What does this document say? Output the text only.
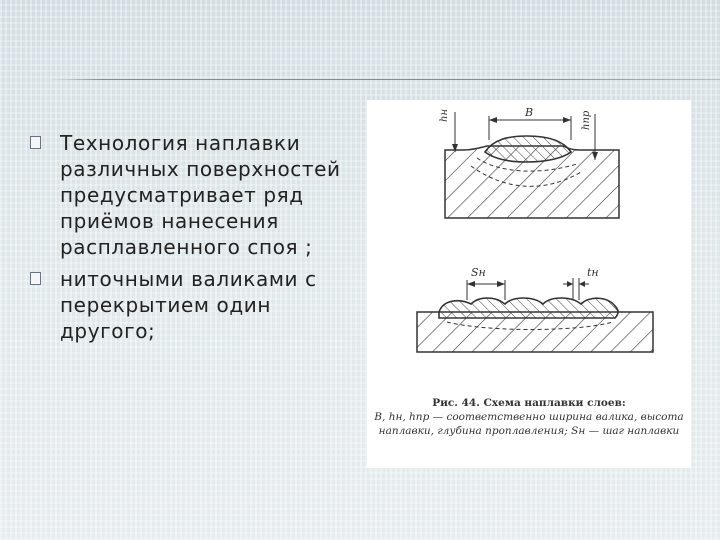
Технология наплавки различных поверхностей предусматривает ряд приёмов нанесения расплавленного споя ;
ниточными валиками с перекрытием один другого;
hн	B	hпр
Sн	tн
Рис. 44. Схема наплавки слоев:
B, hн, hпр — соответственно ширина валика, высота
наплавки, глубина проплавления; Sн — шаг наплавки
